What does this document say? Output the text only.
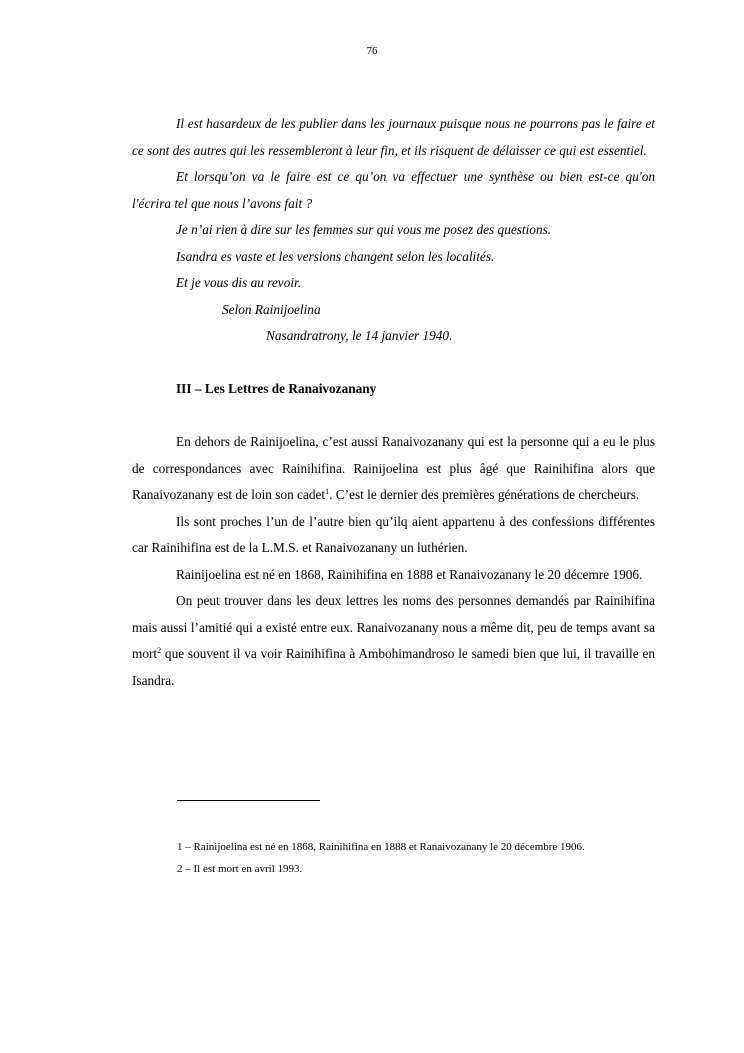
76

Il est hasardeux de les publier dans les journaux puisque nous ne pourrons pas le faire et ce sont des autres qui les ressembleront à leur fin, et ils risquent de délaisser ce qui est essentiel.

Et lorsqu’on va le faire est ce qu’on va effectuer une synthèse ou bien est-ce qu'on l'écrira tel que nous l’avons fait ?

Je n’ai rien à dire sur les femmes sur qui vous me posez des questions.

Isandra es vaste et les versions changent selon les localités.

Et je vous dis au revoir.

Selon Rainijoelina

Nasandratrony, le 14 janvier 1940.

III – Les Lettres de Ranaivozanany

En dehors de Rainijoelina, c’est aussi Ranaivozanany qui est la personne qui a eu le plus de correspondances avec Rainihifina. Rainijoelina est plus âgé que Rainihifina alors que Ranaivozanany est de loin son cadet$^1$. C’est le dernier des premières générations de chercheurs.

Ils sont proches l’un de l’autre bien qu’ilq aient appartenu à des confessions différentes car Rainihifina est de la L.M.S. et Ranaivozanany un luthérien.

Rainijoelina est né en 1868, Rainihifina en 1888 et Ranaivozanany le 20 décemre 1906.

On peut trouver dans les deux lettres les noms des personnes demandés par Rainihifina mais aussi l’amitié qui a existé entre eux. Ranaivozanany nous a même dit, peu de temps avant sa mort$^2$ que souvent il va voir Rainihifina à Ambohimandroso le samedi bien que lui, il travaille en Isandra.

1 – Rainijoelina est né en 1868, Rainihifina en 1888 et Ranaivozanany le 20 décembre 1906.

2 – Il est mort en avril 1993.
